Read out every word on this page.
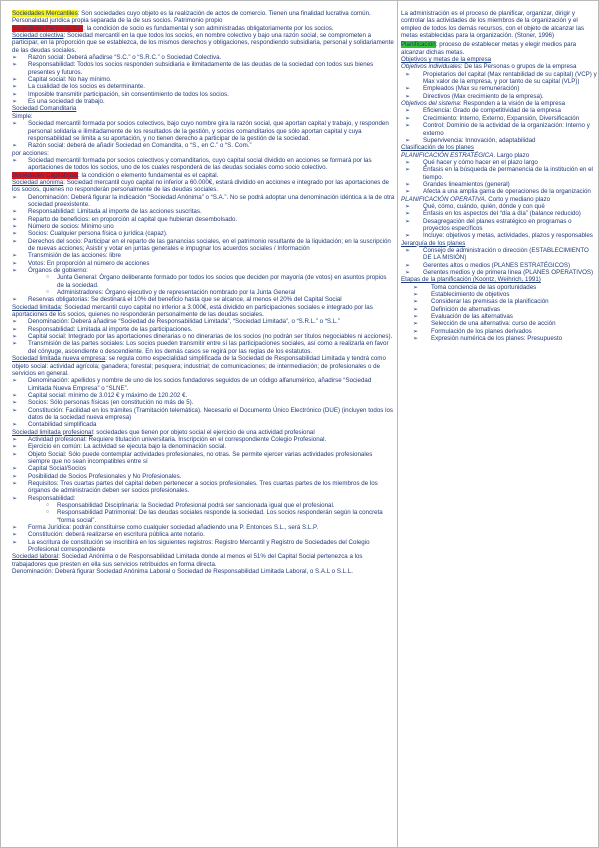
Sociedades Mercantiles: Son sociedades cuyo objeto es la realización de actos de comercio. Tienen una finalidad lucrativa común. Personalidad jurídica propia separada de la de sus socios. Patrimonio propio

Sociedades Personalistas: la condición de socio es fundamental y son administradas obligatoriamente por los socios.

Sociedad colectiva: Sociedad mercantil en la que todos los socios, en nombre colectivo y bajo una razón social, se comprometen a participar, en la proporción que se establezca, de los mismos derechos y obligaciones, respondiendo subsidiaria, personal y solidariamente de las deudas sociales.

➢ Razón social: Deberá añadirse “S.C.” o “S.R.C.” o Sociedad Colectiva.

➢ Responsabilidad: Todos los socios responden subsidiaria e ilimitadamente de las deudas de la sociedad con todos sus bienes presentes y futuros.

➢ Capital social: No hay mínimo.

➢ La cualidad de los socios es determinante.

➢ Imposible transmitir participación, sin consentimiento de todos los socios.

➢ Es una sociedad de trabajo.

Sociedad Comanditaria

Simple:

➢ Sociedad mercantil formada por socios colectivos, bajo cuyo nombre gira la razón social, que aportan capital y trabajo, y responden personal solidaria e ilimitadamente de los resultados de la gestión, y socios comanditarios que sólo aportan capital y cuya responsabilidad se limita a su aportación, y no tienen derecho a participar de la gestión de la sociedad.

➢ Razón social: deberá de añadir Sociedad en Comandita, o “S., en C.” o “S. Com.”

por acciones:

➢ Sociedad mercantil formada por socios colectivos y comanditarios, cuyo capital social dividido en acciones se formará por las aportaciones de todos los socios, uno de los cuales responderá de las deudas sociales como socio colectivo.

Sociedades Capitalistas: la condición o elemento fundamental es el capital.

Sociedad anónima: Sociedad mercantil cuyo capital no inferior a 60.000€, estará dividido en acciones e integrado por las aportaciones de los socios, quienes no responderán personalmente de las deudas sociales.

➢ Denominación: Deberá figurar la indicación “Sociedad Anónima” o “S.A.”. No se podrá adoptar una denominación idéntica a la de otra sociedad preexistente.

➢ Responsabilidad: Limitada al importe de las acciones suscritas.

➢ Reparto de beneficios: en proporción al capital que hubieran desembolsado.

➢ Número de socios: Mínimo uno

➢ Socios: Cualquier persona física o jurídica (capaz).

➢ Derechos del socio: Participar en el reparto de las ganancias sociales, en el patrimonio resultante de la liquidación; en la suscripción de nuevas acciones; Asistir y votar en juntas generales e impugnar los acuerdos sociales / Información

➢ Transmisión de las acciones: libre

➢ Votos: En proporción al número de acciones

➢ Órganos de gobierno:

○ Junta General: Órgano deliberante formado por todos los socios que deciden por mayoría (de votos) en asuntos propios de la sociedad.

○ Administradores: Órgano ejecutivo y de representación nombrado por la Junta General

➢ Reservas obligatorias: Se destinará el 10% del beneficio hasta que se alcance, al menos el 20% del Capital Social

Sociedad limitada: Sociedad mercantil cuyo capital no inferior a 3.000€, está dividido en participaciones sociales e integrado por las aportaciones de los socios, quienes no responderán personalmente de las deudas sociales.

➢ Denominación: Deberá añadirse “Sociedad de Responsabilidad Limitada”, “Sociedad Limitada”, o “S.R.L.” o “S.L.”

➢ Responsabilidad: Limitada al importe de las participaciones.

➢ Capital social: Integrado por las aportaciones dinerarias o no dinerarias de los socios (no podrán ser títulos negociables ni acciones).

➢ Transmisión de las partes sociales: Los socios pueden transmitir entre sí las participaciones sociales, así como a realizarla en favor del cónyuge, ascendiente o descendiente. En los demás casos se regirá por las reglas de los estatutos.

Sociedad limitada nueva empresa: se regula como especialidad simplificada de la Sociedad de Responsabilidad Limitada y tendrá como objeto social: actividad agrícola; ganadera; forestal; pesquera; industrial; de comunicaciones; de intermediación; de profesionales o de servicios en general.

➢ Denominación: apellidos y nombre de uno de los socios fundadores seguidos de un código alfanumérico, añadirse “Sociedad Limitada Nueva Empresa” o “SLNE”.

➢ Capital social: mínimo de 3.012 € y máximo de 120.202 €.

➢ Socios: Sólo personas físicas (en constitución no más de 5).

➢ Constitución: Facilidad en los trámites (Tramitación telemática). Necesario el Documento Único Electrónico (DUE) (incluyen todos los datos de la sociedad nueva empresa)

➢ Contabilidad simplificada

Sociedad limitada profesional: sociedades que tienen por objeto social el ejercicio de una actividad profesional

➢ Actividad profesional: Requiere titulación universitaria. Inscripción en el correspondiente Colegio Profesional.

➢ Ejercicio en común: La actividad se ejecuta bajo la denominación social.

➢ Objeto Social: Sólo puede contemplar actividades profesionales, no otras. Se permite ejercer varias actividades profesionales siempre que no sean incompatibles entre sí

➢ Capital Social/Socios

➢ Posibilidad de Socios Profesionales y No Profesionales.

➢ Requisitos: Tres cuartas partes del capital deben pertenecer a socios profesionales. Tres cuartas partes de los miembros de los órganos de administración deben ser socios profesionales.

➢ Responsabilidad:

○ Responsabilidad Disciplinaria: la Sociedad Profesional podrá ser sancionada igual que el profesional.

○ Responsabilidad Patrimonial: De las deudas sociales responde la sociedad. Los socios responderán según la concreta “forma social”.

➢ Forma Jurídica: podrán constituirse como cualquier sociedad añadiendo una P. Entonces S.L., será S.L.P.

➢ Constitución: deberá realizarse en escritura pública ante notario.

➢ La escritura de constitución se inscribirá en los siguientes registros: Registro Mercantil y Registro de Sociedades del Colegio Profesional correspondiente

Sociedad laboral: Sociedad Anónima o de Responsabilidad Limitada donde al menos el 51% del Capital Social pertenezca a los trabajadores que presten en ella sus servicios retribuidos en forma directa.

Denominación: Deberá figurar Sociedad Anónima Laboral o Sociedad de Responsabilidad Limitada Laboral, o S.A.L o S.L.L.

La administración es el proceso de planificar, organizar, dirigir y controlar las actividades de los miembros de la organización y el empleo de todos los demás recursos, con el objeto de alcanzar las metas establecidas para la organización. (Stoner, 1996)

Planificación: proceso de establecer metas y elegir medios para alcanzar dichas metas.

Objetivos y metas de la empresa

Objetivos individuales: De las Personas o grupos de la empresa

➢ Propietarios del capital (Max rentabilidad de su capital) (VCP) y Max valor de la empresa, y por tanto de su capital (VLP))

➢ Empleados (Max su remuneración)

➢ Directivos (Max crecimiento de la empresa).

Objetivos del sistema: Responden a la visión de la empresa

➢ Eficiencia: Grado de competitividad de la empresa

➢ Crecimiento: Interno, Externo, Expansión, Diversificación

➢ Control: Dominio de la actividad de la organización: Interno y externo

➢ Supervivencia: Innovación, adaptabilidad

Clasificación de los planes

PLANIFICACIÓN ESTRATÉGICA. Largo plazo

➢ Qué hacer y cómo hacer en el plazo largo

➢ Énfasis en la búsqueda de permanencia de la institución en el tiempo.

➢ Grandes lineamientos (general)

➢ Afecta a una amplia gama de operaciones de la organización

PLANIFICACIÓN OPERATIVA. Corto y mediano plazo

➢ Qué, cómo, cuándo, quién, dónde y con qué

➢ Énfasis en los aspectos del “día a día” (balance reducido)

➢ Desagregación del planes estratégico en programas o proyectos específicos

➢ Incluye: objetivos y metas, actividades, plazos y responsables

Jerarquía de los planes

➢ Consejo de administración o dirección (ESTABLECIMIENTO DE LA MISIÓN)

➢ Gerentes altos o medios (PLANES ESTRATÉGICOS)

➢ Gerentes medios y de primera línea (PLANES OPERATIVOS)

Etapas de la planificación (Koontz, Weihrich, 1991)

➢ Toma conciencia de las oportunidades

➢ Establecimiento de objetivos

➢ Considerar las premisas de la planificación

➢ Definición de alternativas

➢ Evaluación de las alternativas

➢ Selección de una alternativa: curso de acción

➢ Formulación de los planes derivados

➢ Expresión numérica de los planes: Presupuesto
